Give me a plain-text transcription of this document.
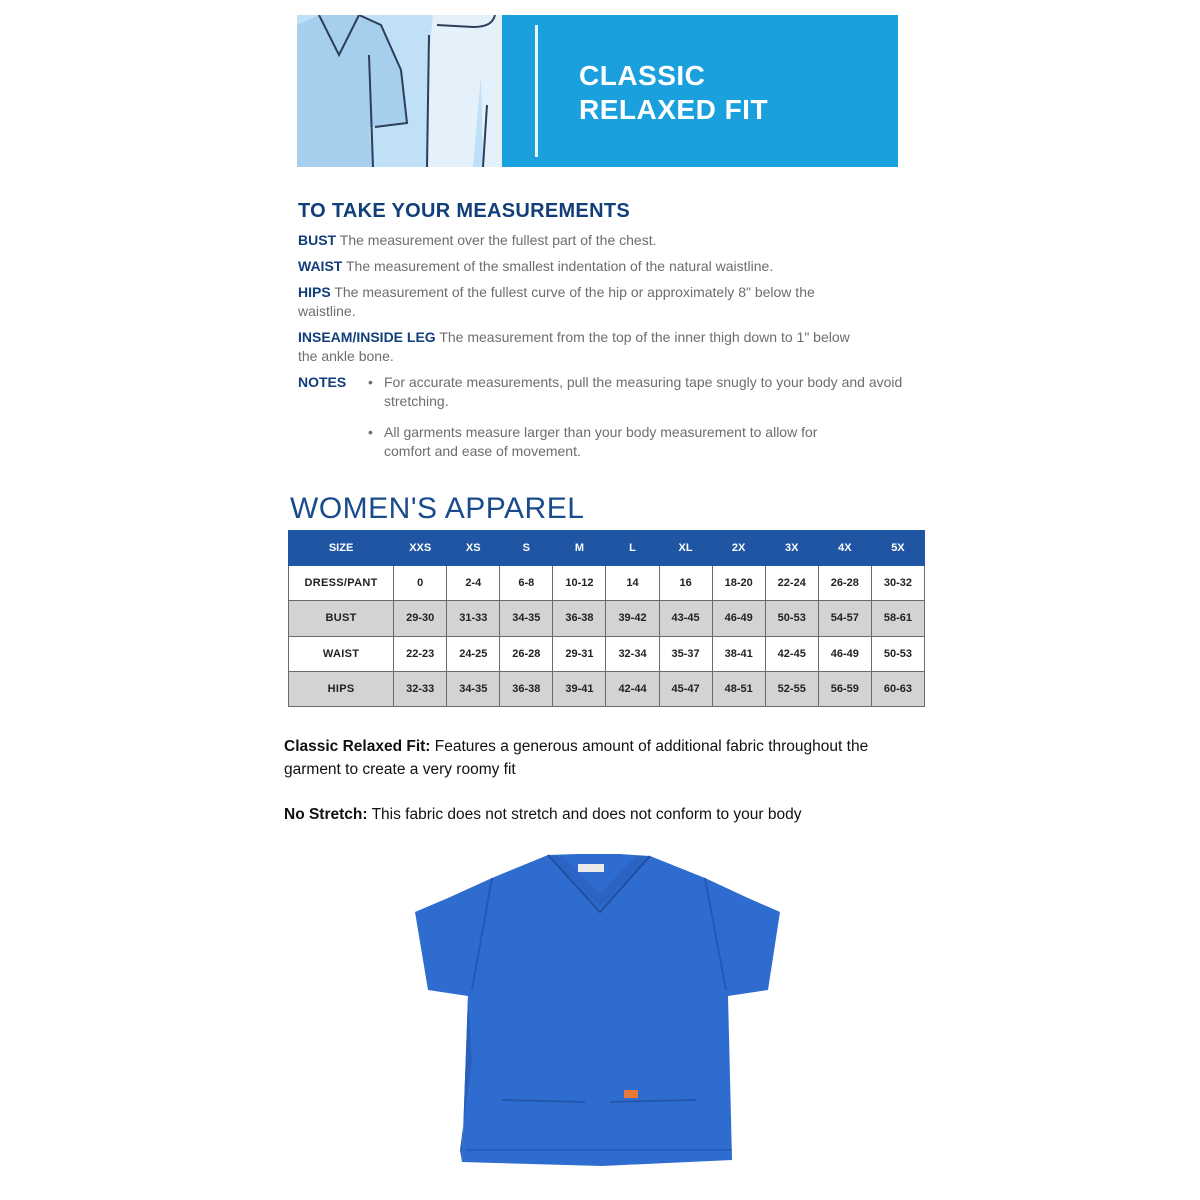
CLASSIC
RELAXED FIT
TO TAKE YOUR MEASUREMENTS
BUST The measurement over the fullest part of the chest.
WAIST The measurement of the smallest indentation of the natural waistline.
HIPS The measurement of the fullest curve of the hip or approximately 8" below the waistline.
INSEAM/INSIDE LEG The measurement from the top of the inner thigh down to 1" below the ankle bone.
NOTES • For accurate measurements, pull the measuring tape snugly to your body and avoid stretching.
• All garments measure larger than your body measurement to allow for comfort and ease of movement.
WOMEN'S APPAREL
SIZE	XXS	XS	S	M	L	XL	2X	3X	4X	5X
DRESS/PANT	0	2-4	6-8	10-12	14	16	18-20	22-24	26-28	30-32
BUST	29-30	31-33	34-35	36-38	39-42	43-45	46-49	50-53	54-57	58-61
WAIST	22-23	24-25	26-28	29-31	32-34	35-37	38-41	42-45	46-49	50-53
HIPS	32-33	34-35	36-38	39-41	42-44	45-47	48-51	52-55	56-59	60-63

Classic Relaxed Fit: Features a generous amount of additional fabric throughout the garment to create a very roomy fit

No Stretch: This fabric does not stretch and does not conform to your body
